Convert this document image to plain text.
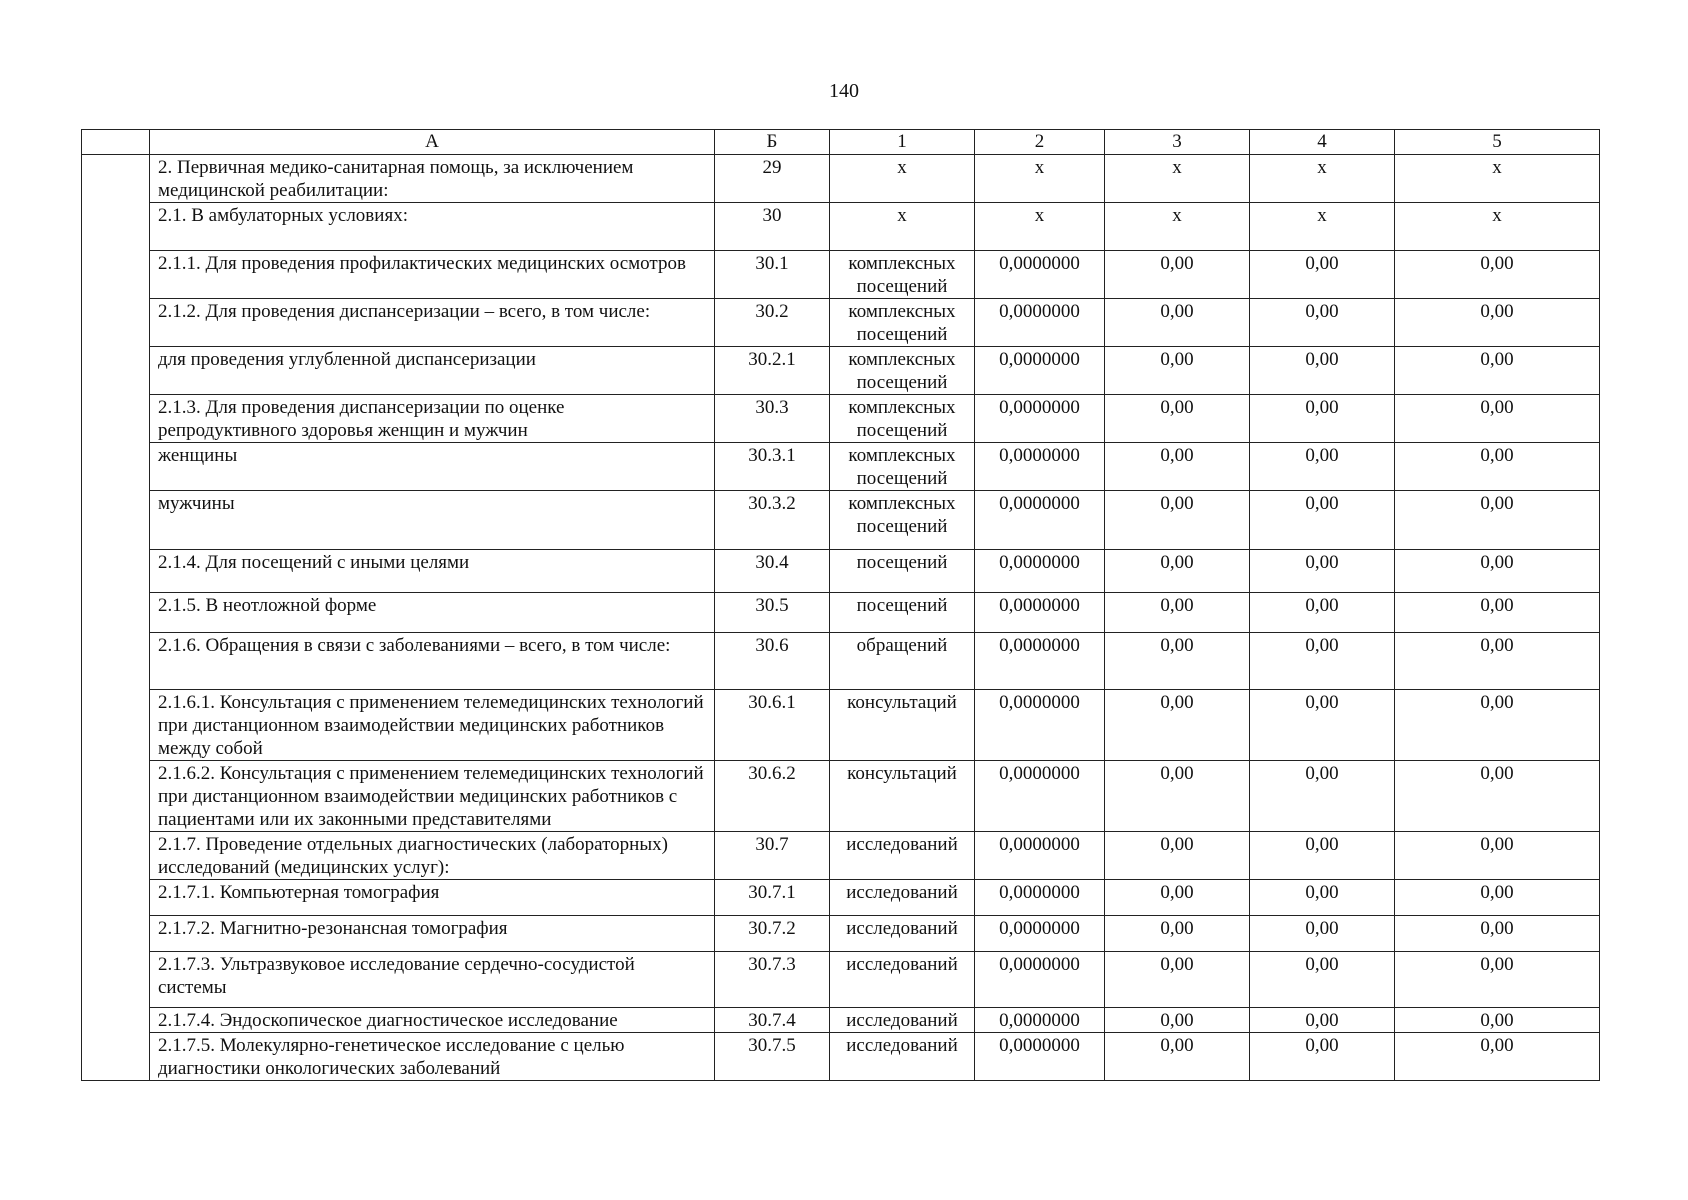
140
	А	Б	1	2	3	4	5
	2. Первичная медико-санитарная помощь, за исключением медицинской реабилитации:	29	х	х	х	х	х
	2.1. В амбулаторных условиях:	30	х	х	х	х	х
	2.1.1. Для проведения профилактических медицинских осмотров	30.1	комплексных посещений	0,0000000	0,00	0,00	0,00
	2.1.2. Для проведения диспансеризации – всего, в том числе:	30.2	комплексных посещений	0,0000000	0,00	0,00	0,00
	для проведения углубленной диспансеризации	30.2.1	комплексных посещений	0,0000000	0,00	0,00	0,00
	2.1.3. Для проведения диспансеризации по оценке репродуктивного здоровья женщин и мужчин	30.3	комплексных посещений	0,0000000	0,00	0,00	0,00
	женщины	30.3.1	комплексных посещений	0,0000000	0,00	0,00	0,00
	мужчины	30.3.2	комплексных посещений	0,0000000	0,00	0,00	0,00
	2.1.4. Для посещений с иными целями	30.4	посещений	0,0000000	0,00	0,00	0,00
	2.1.5. В неотложной форме	30.5	посещений	0,0000000	0,00	0,00	0,00
	2.1.6. Обращения в связи с заболеваниями – всего, в том числе:	30.6	обращений	0,0000000	0,00	0,00	0,00
	2.1.6.1. Консультация с применением телемедицинских технологий при дистанционном взаимодействии медицинских работников между собой	30.6.1	консультаций	0,0000000	0,00	0,00	0,00
	2.1.6.2. Консультация с применением телемедицинских технологий при дистанционном взаимодействии медицинских работников с пациентами или их законными представителями	30.6.2	консультаций	0,0000000	0,00	0,00	0,00
	2.1.7. Проведение отдельных диагностических (лабораторных) исследований (медицинских услуг):	30.7	исследований	0,0000000	0,00	0,00	0,00
	2.1.7.1. Компьютерная томография	30.7.1	исследований	0,0000000	0,00	0,00	0,00
	2.1.7.2. Магнитно-резонансная томография	30.7.2	исследований	0,0000000	0,00	0,00	0,00
	2.1.7.3. Ультразвуковое исследование сердечно-сосудистой системы	30.7.3	исследований	0,0000000	0,00	0,00	0,00
	2.1.7.4. Эндоскопическое диагностическое исследование	30.7.4	исследований	0,0000000	0,00	0,00	0,00
	2.1.7.5. Молекулярно-генетическое исследование с целью диагностики онкологических заболеваний	30.7.5	исследований	0,0000000	0,00	0,00	0,00
